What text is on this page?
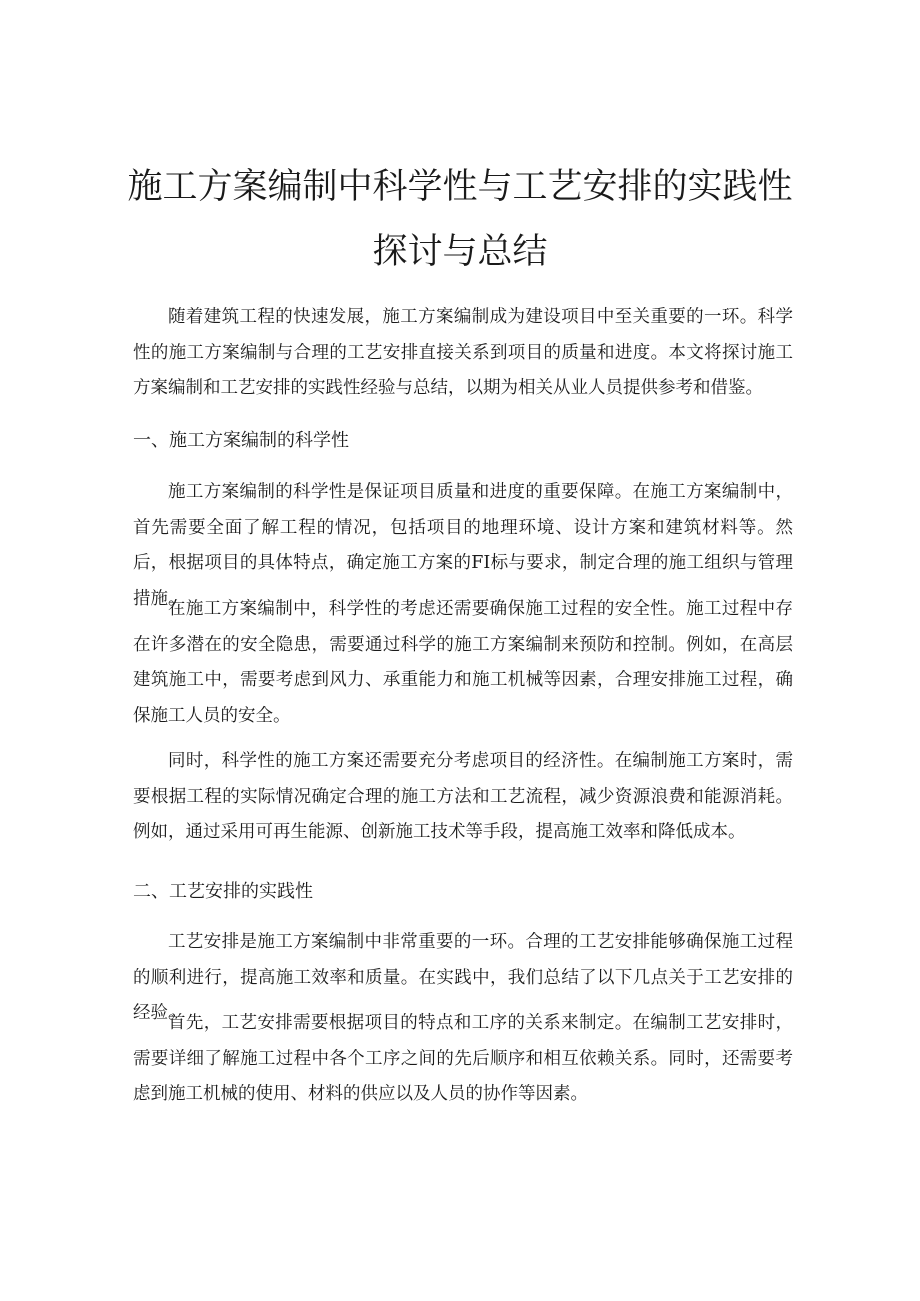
施工方案编制中科学性与工艺安排的实践性
探讨与总结

随着建筑工程的快速发展，施工方案编制成为建设项目中至关重要的一环。科学性的施工方案编制与合理的工艺安排直接关系到项目的质量和进度。本文将探讨施工方案编制和工艺安排的实践性经验与总结，以期为相关从业人员提供参考和借鉴。

一、施工方案编制的科学性

施工方案编制的科学性是保证项目质量和进度的重要保障。在施工方案编制中，首先需要全面了解工程的情况，包括项目的地理环境、设计方案和建筑材料等。然后，根据项目的具体特点，确定施工方案的FI标与要求，制定合理的施工组织与管理措施。

在施工方案编制中，科学性的考虑还需要确保施工过程的安全性。施工过程中存在许多潜在的安全隐患，需要通过科学的施工方案编制来预防和控制。例如，在高层建筑施工中，需要考虑到风力、承重能力和施工机械等因素，合理安排施工过程，确保施工人员的安全。

同时，科学性的施工方案还需要充分考虑项目的经济性。在编制施工方案时，需要根据工程的实际情况确定合理的施工方法和工艺流程，减少资源浪费和能源消耗。例如，通过采用可再生能源、创新施工技术等手段，提高施工效率和降低成本。

二、工艺安排的实践性

工艺安排是施工方案编制中非常重要的一环。合理的工艺安排能够确保施工过程的顺利进行，提高施工效率和质量。在实践中，我们总结了以下几点关于工艺安排的经验。

首先，工艺安排需要根据项目的特点和工序的关系来制定。在编制工艺安排时，需要详细了解施工过程中各个工序之间的先后顺序和相互依赖关系。同时，还需要考虑到施工机械的使用、材料的供应以及人员的协作等因素。
